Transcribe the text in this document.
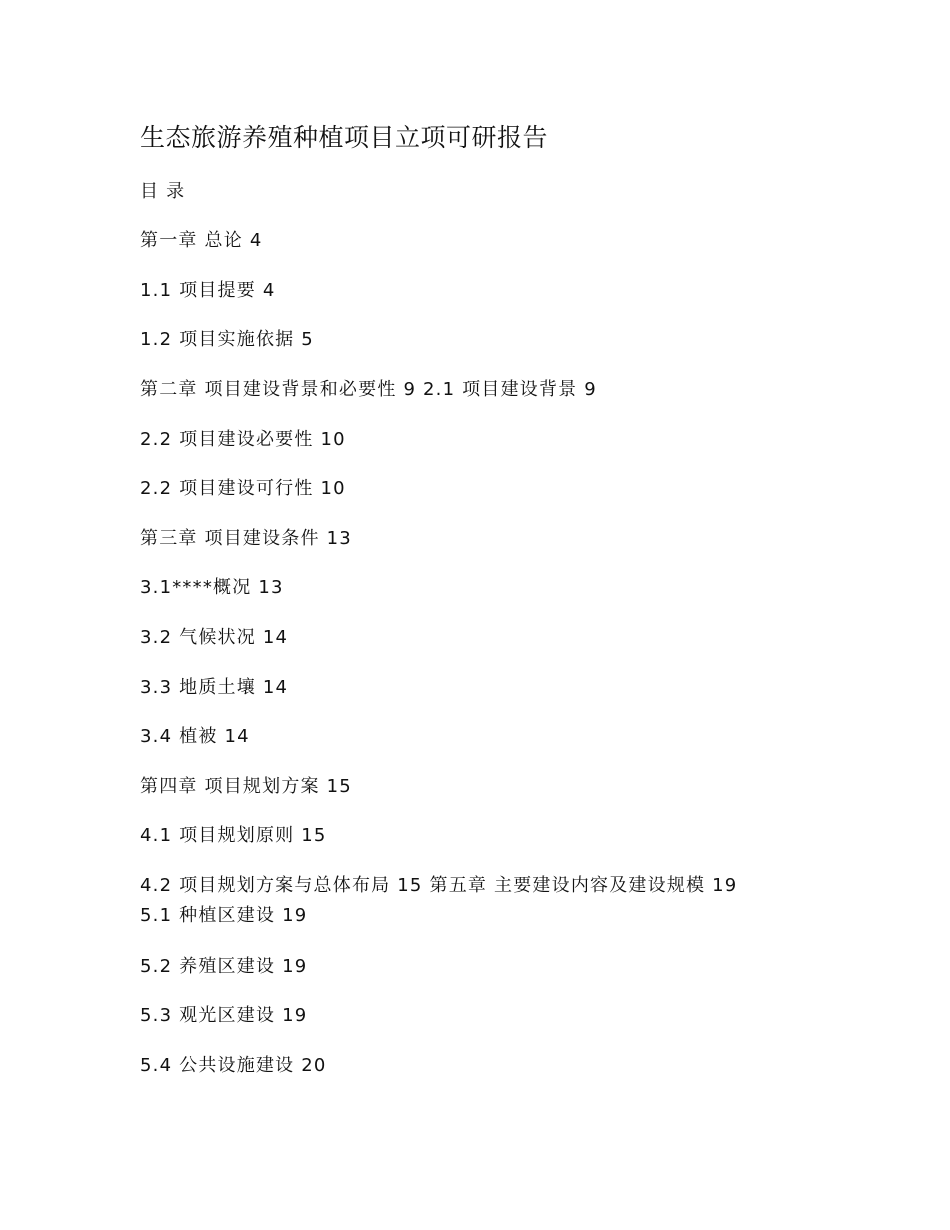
生态旅游养殖种植项目立项可研报告
目 录
第一章 总论 4
1.1 项目提要 4
1.2 项目实施依据 5
第二章 项目建设背景和必要性 9 2.1 项目建设背景 9
2.2 项目建设必要性 10
2.2 项目建设可行性 10
第三章 项目建设条件 13
3.1****概况 13
3.2 气候状况 14
3.3 地质土壤 14
3.4 植被 14
第四章 项目规划方案 15
4.1 项目规划原则 15
4.2 项目规划方案与总体布局 15 第五章 主要建设内容及建设规模 19
5.1 种植区建设 19
5.2 养殖区建设 19
5.3 观光区建设 19
5.4 公共设施建设 20
